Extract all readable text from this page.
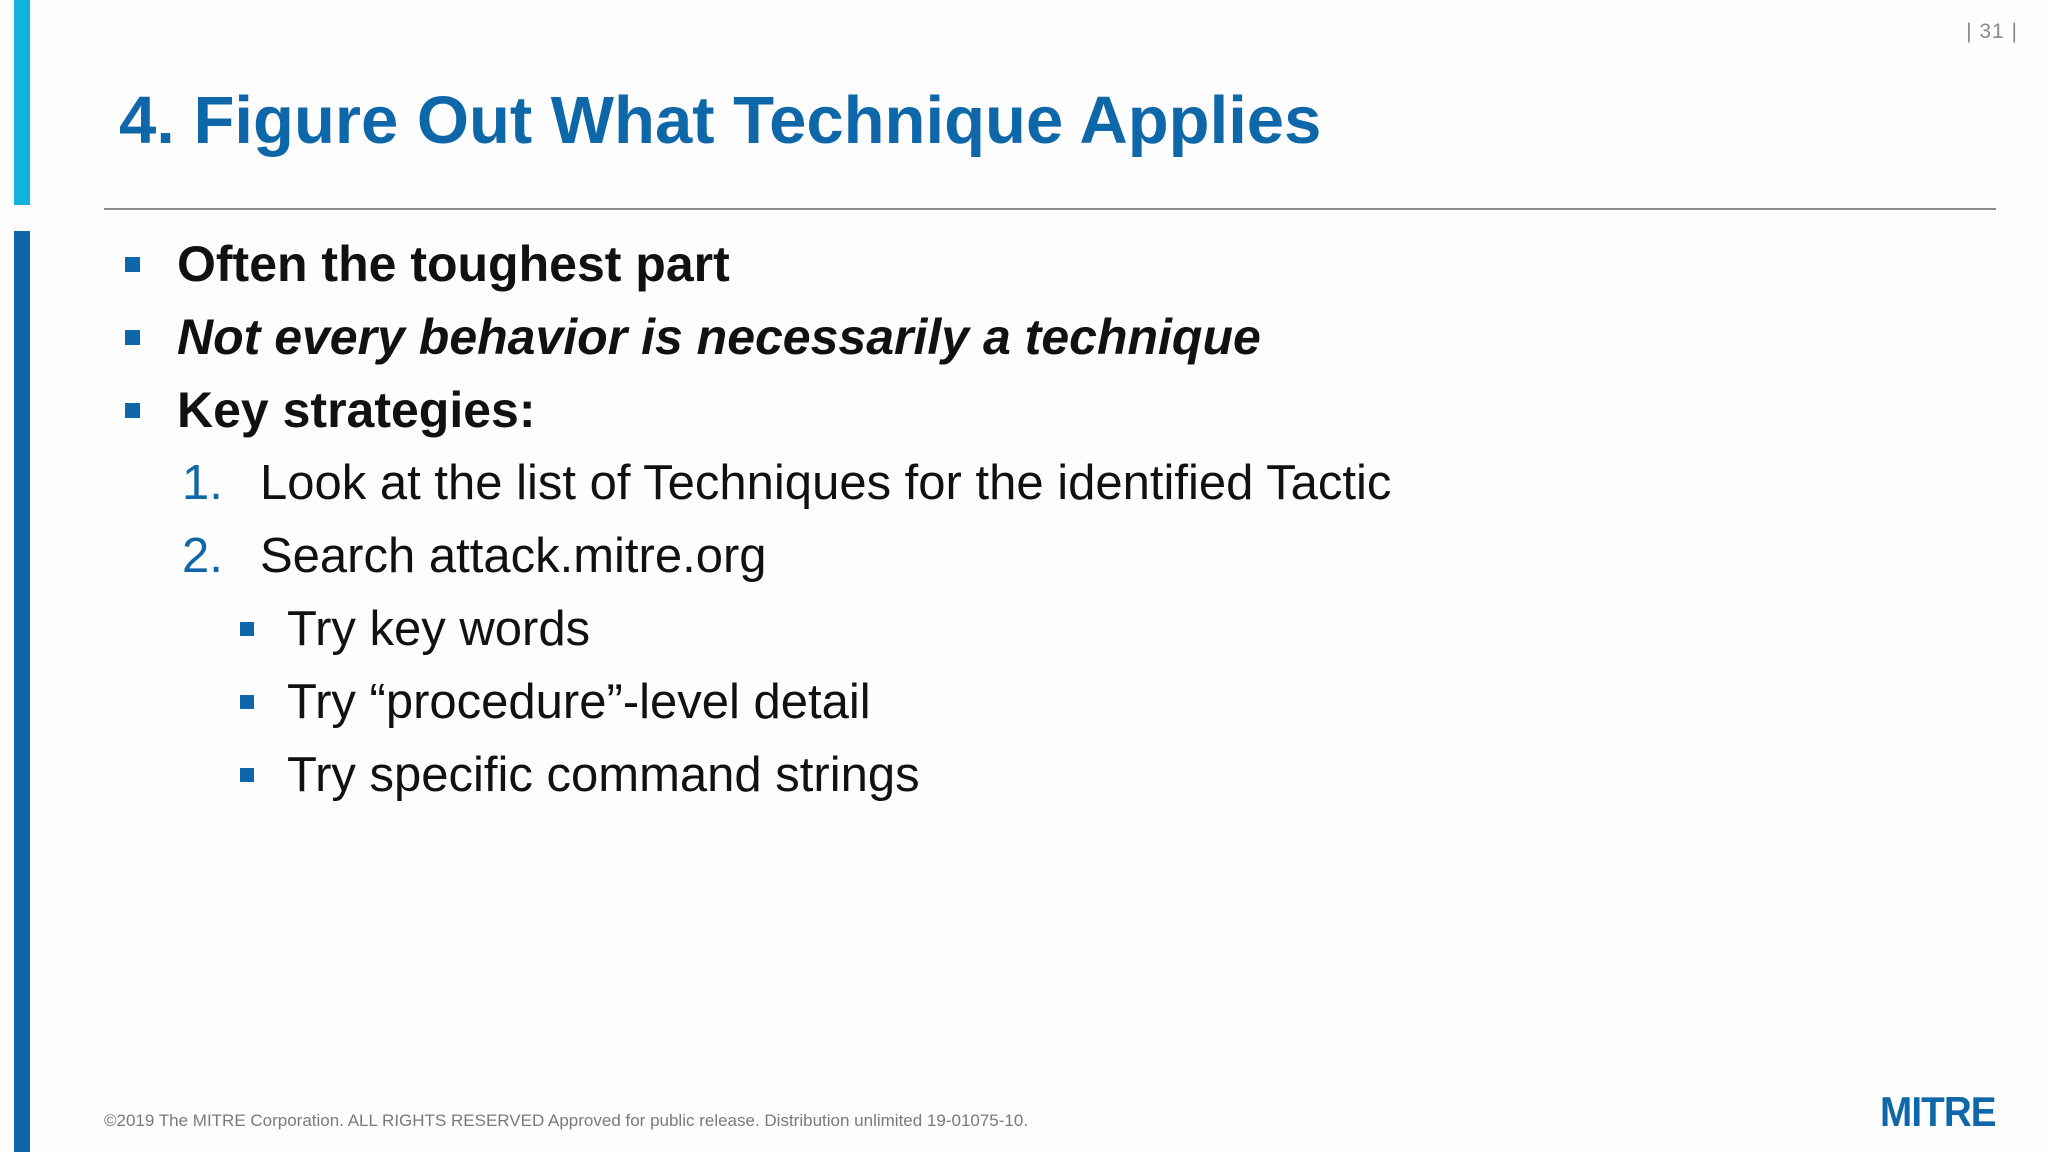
| 31 |
4. Figure Out What Technique Applies
Often the toughest part
Not every behavior is necessarily a technique
Key strategies:
1. Look at the list of Techniques for the identified Tactic
2. Search attack.mitre.org
Try key words
Try “procedure”-level detail
Try specific command strings
©2019 The MITRE Corporation. ALL RIGHTS RESERVED Approved for public release. Distribution unlimited 19-01075-10.	MITRE
